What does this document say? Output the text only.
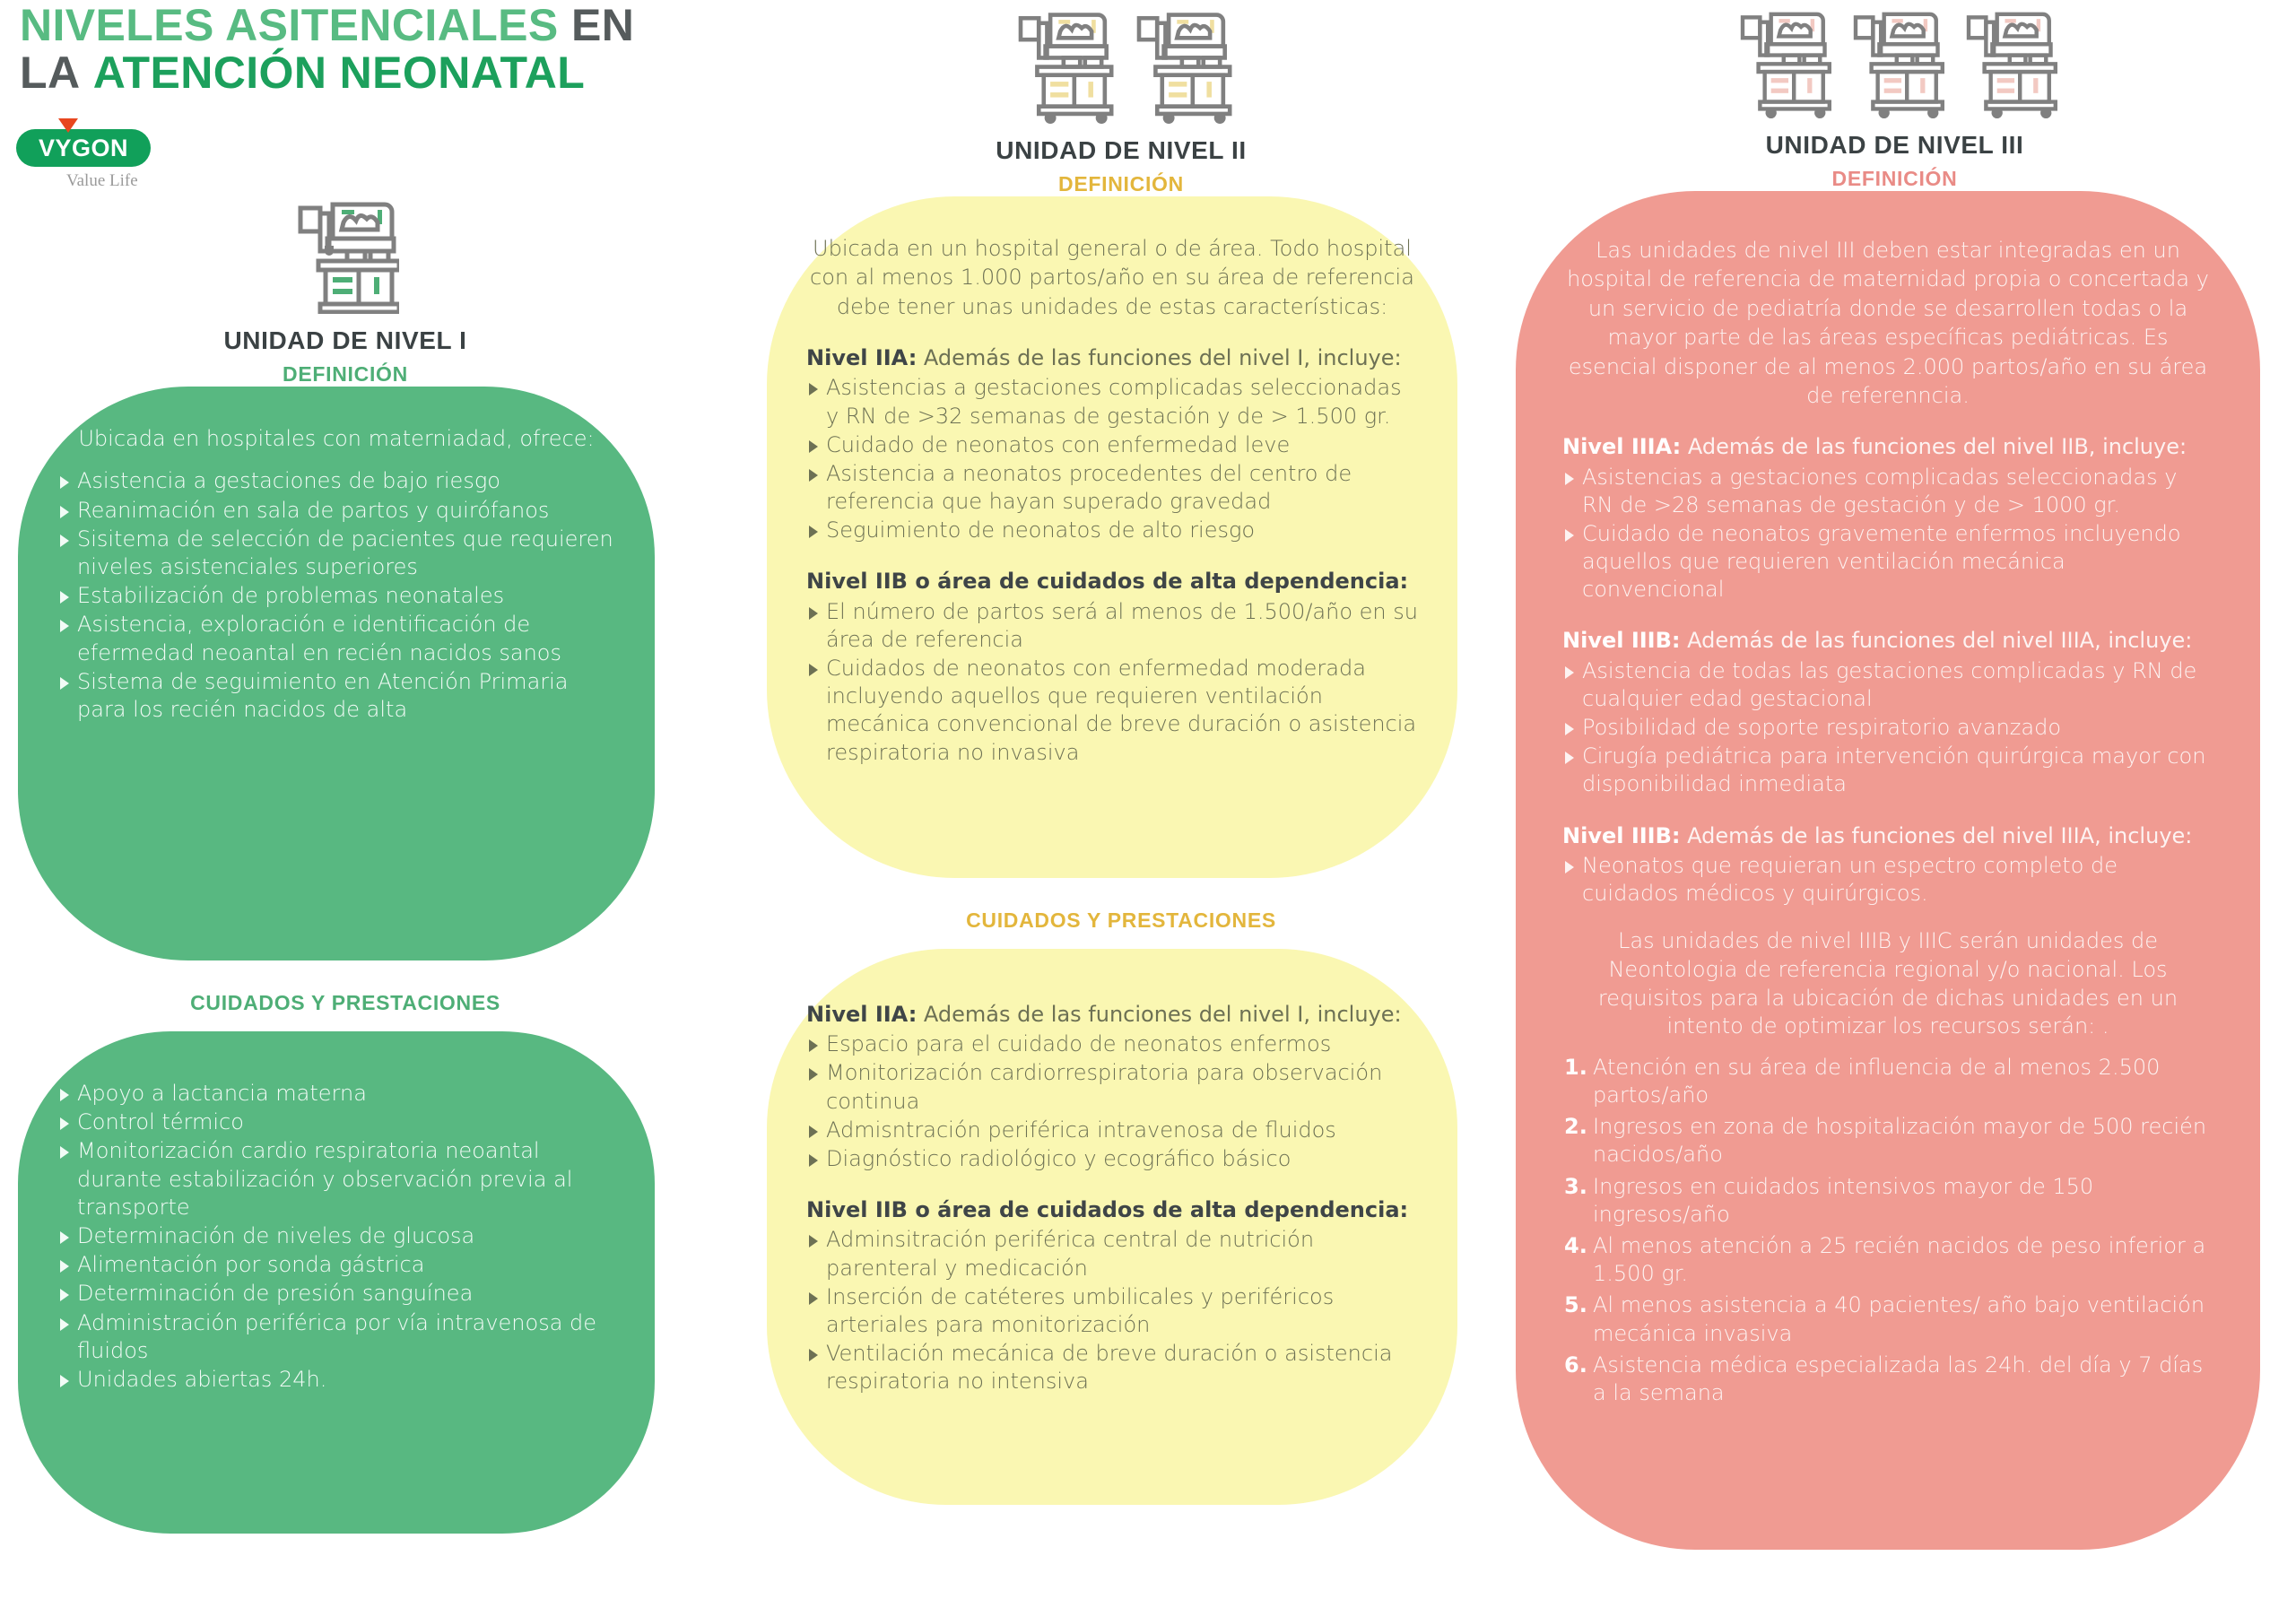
NIVELES ASITENCIALES EN
LA ATENCIÓN NEONATAL
VYGON
Value Life
UNIDAD DE NIVEL I
DEFINICIÓN
Ubicada en hospitales con materniadad, ofrece:
Asistencia a gestaciones de bajo riesgo
Reanimación en sala de partos y quirófanos
Sisitema de selección de pacientes que requieren niveles asistenciales superiores
Estabilización de problemas neonatales
Asistencia, exploración e identificación de efermedad neoantal en recién nacidos sanos
Sistema de seguimiento en Atención Primaria para los recién nacidos de alta
CUIDADOS Y PRESTACIONES
Apoyo a lactancia materna
Control térmico
Monitorización cardio respiratoria neoantal durante estabilización y observación previa al transporte
Determinación de niveles de glucosa
Alimentación por sonda gástrica
Determinación de presión sanguínea
Administración periférica por vía intravenosa de fluidos
Unidades abiertas 24h.
UNIDAD DE NIVEL II
DEFINICIÓN
Ubicada en un hospital general o de área. Todo hospital con al menos 1.000 partos/año en su área de referencia debe tener unas unidades de estas características:
Nivel IIA: Además de las funciones del nivel I, incluye:
Asistencias a gestaciones complicadas seleccionadas y RN de >32 semanas de gestación y de > 1.500 gr.
Cuidado de neonatos con enfermedad leve
Asistencia a neonatos procedentes del centro de referencia que hayan superado gravedad
Seguimiento de neonatos de alto riesgo
Nivel IIB o área de cuidados de alta dependencia:
El número de partos será al menos de 1.500/año en su área de referencia
Cuidados de neonatos con enfermedad moderada incluyendo aquellos que requieren ventilación mecánica convencional de breve duración o asistencia respiratoria no invasiva
CUIDADOS Y PRESTACIONES
Nivel IIA: Además de las funciones del nivel I, incluye:
Espacio para el cuidado de neonatos enfermos
Monitorización cardiorrespiratoria para observación continua
Admisntración periférica intravenosa de fluidos
Diagnóstico radiológico y ecográfico básico
Nivel IIB o área de cuidados de alta dependencia:
Adminsitración periférica central de nutrición parenteral y medicación
Inserción de catéteres umbilicales y periféricos arteriales para monitorización
Ventilación mecánica de breve duración o asistencia respiratoria no intensiva
UNIDAD DE NIVEL III
DEFINICIÓN
Las unidades de nivel III deben estar integradas en un hospital de referencia de maternidad propia o concertada y un servicio de pediatría donde se desarrollen todas o la mayor parte de las áreas específicas pediátricas. Es esencial disponer de al menos 2.000 partos/año en su área de referenncia.
Nivel IIIA: Además de las funciones del nivel IIB, incluye:
Asistencias a gestaciones complicadas seleccionadas y RN de >28 semanas de gestación y de > 1000 gr.
Cuidado de neonatos gravemente enfermos incluyendo aquellos que requieren ventilación mecánica convencional
Nivel IIIB: Además de las funciones del nivel IIIA, incluye:
Asistencia de todas las gestaciones complicadas y RN de cualquier edad gestacional
Posibilidad de soporte respiratorio avanzado
Cirugía pediátrica para intervención quirúrgica mayor con disponibilidad inmediata
Nivel IIIB: Además de las funciones del nivel IIIA, incluye:
Neonatos que requieran un espectro completo de cuidados médicos y quirúrgicos.
Las unidades de nivel IIIB y IIIC serán unidades de Neontologia de referencia regional y/o nacional. Los requisitos para la ubicación de dichas unidades en un intento de optimizar los recursos serán: .
Atención en su área de influencia de al menos 2.500 partos/año
Ingresos en zona de hospitalización mayor de 500 recién nacidos/año
Ingresos en cuidados intensivos mayor de 150 ingresos/año
Al menos atención a 25 recién nacidos de peso inferior a 1.500 gr.
Al menos asistencia a 40 pacientes/ año bajo ventilación mecánica invasiva
Asistencia médica especializada las 24h. del día y 7 días a la semana
